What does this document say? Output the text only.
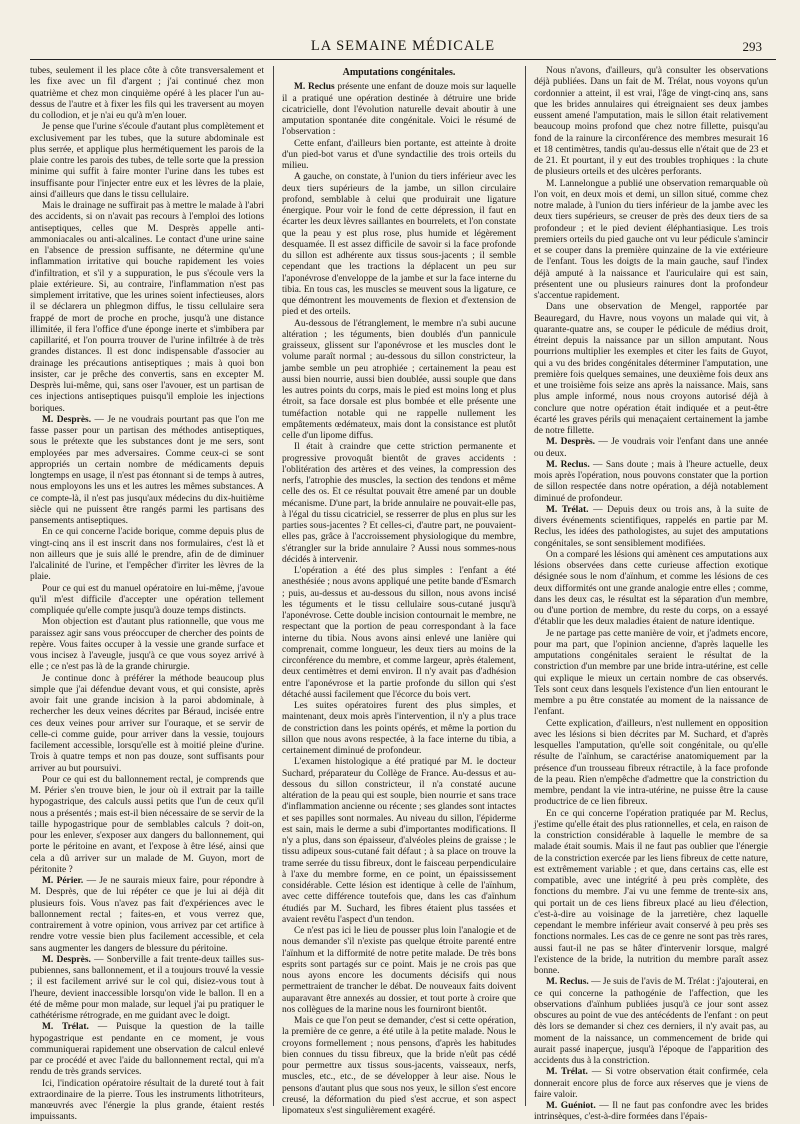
LA SEMAINE MÉDICALE	293

tubes, seulement il les place côte à côte transversalement et les fixe avec un fil d'argent ; j'ai continué chez mon quatrième et chez mon cinquième opéré à les placer l'un au-dessus de l'autre et à fixer les fils qui les traversent au moyen du collodion, et je n'ai eu qu'à m'en louer.

Je pense que l'urine s'écoule d'autant plus complètement et exclusivement par les tubes, que la suture abdominale est plus serrée, et applique plus hermétiquement les parois de la plaie contre les parois des tubes, de telle sorte que la pression minime qui suffit à faire monter l'urine dans les tubes est insuffisante pour l'injecter entre eux et les lèvres de la plaie, ainsi d'ailleurs que dans le tissu cellulaire.

Mais le drainage ne suffirait pas à mettre le malade à l'abri des accidents, si on n'avait pas recours à l'emploi des lotions antiseptiques, celles que M. Desprès appelle anti-ammoniacales ou anti-alcalines. Le contact d'une urine saine en l'absence de pression suffisante, ne détermine qu'une inflammation irritative qui bouche rapidement les voies d'infiltration, et s'il y a suppuration, le pus s'écoule vers la plaie extérieure. Si, au contraire, l'inflammation n'est pas simplement irritative, que les urines soient infectieuses, alors il se déclarera un phlegmon diffus, le tissu cellulaire sera frappé de mort de proche en proche, jusqu'à une distance illimitée, il fera l'office d'une éponge inerte et s'imbibera par capillarité, et l'on pourra trouver de l'urine infiltrée à de très grandes distances. Il est donc indispensable d'associer au drainage les précautions antiseptiques ; mais à quoi bon insister, car je prêche des convertis, sans en excepter M. Desprès lui-même, qui, sans oser l'avouer, est un partisan de ces injections antiseptiques puisqu'il emploie les injections boriques.

M. Desprès. — Je ne voudrais pourtant pas que l'on me fasse passer pour un partisan des méthodes antiseptiques, sous le prétexte que les substances dont je me sers, sont employées par mes adversaires. Comme ceux-ci se sont appropriés un certain nombre de médicaments depuis longtemps en usage, il n'est pas étonnant si de temps à autres, nous employons les uns et les autres les mêmes substances. A ce compte-là, il n'est pas jusqu'aux médecins du dix-huitième siècle qui ne puissent être rangés parmi les partisans des pansements antiseptiques.

En ce qui concerne l'acide borique, comme depuis plus de vingt-cinq ans il est inscrit dans nos formulaires, c'est là et non ailleurs que je suis allé le prendre, afin de de diminuer l'alcalinité de l'urine, et l'empêcher d'irriter les lèvres de la plaie.

Pour ce qui est du manuel opératoire en lui-même, j'avoue qu'il m'est difficile d'accepter une opération tellement compliquée qu'elle compte jusqu'à douze temps distincts.

Mon objection est d'autant plus rationnelle, que vous me paraissez agir sans vous préoccuper de chercher des points de repère. Vous faites occuper à la vessie une grande surface et vous incisez à l'aveugle, jusqu'à ce que vous soyez arrivé à elle ; ce n'est pas là de la grande chirurgie.

Je continue donc à préférer la méthode beaucoup plus simple que j'ai défendue devant vous, et qui consiste, après avoir fait une grande incision à la paroi abdominale, à rechercher les deux veines décrites par Béraud, incisée entre ces deux veines pour arriver sur l'ouraque, et se servir de celle-ci comme guide, pour arriver dans la vessie, toujours facilement accessible, lorsqu'elle est à moitié pleine d'urine. Trois à quatre temps et non pas douze, sont suffisants pour arriver au but poursuivi.

Pour ce qui est du ballonnement rectal, je comprends que M. Périer s'en trouve bien, le jour où il extrait par la taille hypogastrique, des calculs aussi petits que l'un de ceux qu'il nous a présentés ; mais est-il bien nécessaire de se servir de la taille hypogastrique pour de semblables calculs ? doit-on, pour les enlever, s'exposer aux dangers du ballonnement, qui porte le péritoine en avant, et l'expose à être lésé, ainsi que cela a dû arriver sur un malade de M. Guyon, mort de péritonite ?

M. Périer. — Je ne saurais mieux faire, pour répondre à M. Desprès, que de lui répéter ce que je lui ai déjà dit plusieurs fois. Vous n'avez pas fait d'expériences avec le ballonnement rectal ; faites-en, et vous verrez que, contrairement à votre opinion, vous arrivez par cet artifice à rendre votre vessie bien plus facilement accessible, et cela sans augmenter les dangers de blessure du péritoine.

M. Desprès. — Sonberville a fait trente-deux tailles sus-pubiennes, sans ballonnement, et il a toujours trouvé la vessie ; il est facilement arrivé sur le col qui, disiez-vous tout à l'heure, devient inaccessible lorsqu'on vide le ballon. Il en a été de même pour mon malade, sur lequel j'ai pu pratiquer le cathétérisme rétrograde, en me guidant avec le doigt.

M. Trélat. — Puisque la question de la taille hypogastrique est pendante en ce moment, je vous communiquerai rapidement une observation de calcul enlevé par ce procédé et avec l'aide du ballonnement rectal, qui m'a rendu de très grands services.

Ici, l'indication opératoire résultait de la dureté tout à fait extraordinaire de la pierre. Tous les instruments lithotriteurs, manœuvrés avec l'énergie la plus grande, étaient restés impuissants.

Amputations congénitales.

M. Reclus présente une enfant de douze mois sur laquelle il a pratiqué une opération destinée à détruire une bride cicatricielle, dont l'évolution naturelle devait aboutir à une amputation spontanée dite congénitale. Voici le résumé de l'observation :

Cette enfant, d'ailleurs bien portante, est atteinte à droite d'un pied-bot varus et d'une syndactilie des trois orteils du milieu.

A gauche, on constate, à l'union du tiers inférieur avec les deux tiers supérieurs de la jambe, un sillon circulaire profond, semblable à celui que produirait une ligature énergique. Pour voir le fond de cette dépression, il faut en écarter les deux lèvres saillantes en bourrelets, et l'on constate que la peau y est plus rose, plus humide et légèrement desquamée. Il est assez difficile de savoir si la face profonde du sillon est adhérente aux tissus sous-jacents ; il semble cependant que les tractions la déplacent un peu sur l'aponévrose d'enveloppe de la jambe et sur la face interne du tibia. En tous cas, les muscles se meuvent sous la ligature, ce que démontrent les mouvements de flexion et d'extension de pied et des orteils.

Au-dessous de l'étranglement, le membre n'a subi aucune altération ; les téguments, bien doublés d'un pannicule graisseux, glissent sur l'aponévrose et les muscles dont le volume paraît normal ; au-dessous du sillon constricteur, la jambe semble un peu atrophiée ; certainement la peau est aussi bien nourrie, aussi bien doublée, aussi souple que dans les autres points du corps, mais le pied est moins long et plus étroit, sa face dorsale est plus bombée et elle présente une tuméfaction notable qui ne rappelle nullement les empâtements œdémateux, mais dont la consistance est plutôt celle d'un lipome diffus.

Il était à craindre que cette striction permanente et progressive provoquât bientôt de graves accidents : l'oblitération des artères et des veines, la compression des nerfs, l'atrophie des muscles, la section des tendons et même celle des os. Et ce résultat pouvait être amené par un double mécanisme. D'une part, la bride annulaire ne pouvait-elle pas, à l'égal du tissu cicatriciel, se resserrer de plus en plus sur les parties sous-jacentes ? Et celles-ci, d'autre part, ne pouvaient-elles pas, grâce à l'accroissement physiologique du membre, s'étrangler sur la bride annulaire ? Aussi nous sommes-nous décidés à intervenir.

L'opération a été des plus simples : l'enfant a été anesthésiée ; nous avons appliqué une petite bande d'Esmarch ; puis, au-dessus et au-dessous du sillon, nous avons incisé les téguments et le tissu cellulaire sous-cutané jusqu'à l'aponévrose. Cette double incision contournait le membre, ne respectant que la portion de peau correspondant à la face interne du tibia. Nous avons ainsi enlevé une lanière qui comprenait, comme longueur, les deux tiers au moins de la circonférence du membre, et comme largeur, après étalement, deux centimètres et demi environ. Il n'y avait pas d'adhésion entre l'aponévrose et la partie profonde du sillon qui s'est détaché aussi facilement que l'écorce du bois vert.

Les suites opératoires furent des plus simples, et maintenant, deux mois après l'intervention, il n'y a plus trace de constriction dans les points opérés, et même la portion du sillon que nous avons respectée, à la face interne du tibia, a certainement diminué de profondeur.

L'examen histologique a été pratiqué par M. le docteur Suchard, préparateur du Collège de France. Au-dessus et au-dessous du sillon constricteur, il n'a constaté aucune altération de la peau qui est souple, bien nourrie et sans trace d'inflammation ancienne ou récente ; ses glandes sont intactes et ses papilles sont normales. Au niveau du sillon, l'épiderme est sain, mais le derme a subi d'importantes modifications. Il n'y a plus, dans son épaisseur, d'alvéoles pleins de graisse ; le tissu adipeux sous-cutané fait défaut ; à sa place on trouve la trame serrée du tissu fibreux, dont le faisceau perpendiculaire à l'axe du membre forme, en ce point, un épaississement considérable. Cette lésion est identique à celle de l'aïnhum, avec cette différence toutefois que, dans les cas d'aïnhum étudiés par M. Suchard, les fibres étaient plus tassées et avaient revêtu l'aspect d'un tendon.

Ce n'est pas ici le lieu de pousser plus loin l'analogie et de nous demander s'il n'existe pas quelque étroite parenté entre l'aïnhum et la difformité de notre petite malade. De très bons esprits sont partagés sur ce point. Mais je ne crois pas que nous ayons encore les documents décisifs qui nous permettraient de trancher le débat. De nouveaux faits doivent auparavant être annexés au dossier, et tout porte à croire que nos collègues de la marine nous les fourniront bientôt.

Mais ce que l'on peut se demander, c'est si cette opération, la première de ce genre, a été utile à la petite malade. Nous le croyons formellement ; nous pensons, d'après les habitudes bien connues du tissu fibreux, que la bride n'eût pas cédé pour permettre aux tissus sous-jacents, vaisseaux, nerfs, muscles, etc., etc., de se développer à leur aise. Nous le pensons d'autant plus que sous nos yeux, le sillon s'est encore creusé, la déformation du pied s'est accrue, et son aspect lipomateux s'est singulièrement exagéré.

Nous n'avons, d'ailleurs, qu'à consulter les observations déjà publiées. Dans un fait de M. Trélat, nous voyons qu'un cordonnier a atteint, il est vrai, l'âge de vingt-cinq ans, sans que les brides annulaires qui étreignaient ses deux jambes eussent amené l'amputation, mais le sillon était relativement beaucoup moins profond que chez notre fillette, puisqu'au fond de la rainure la circonférence des membres mesurait 16 et 18 centimètres, tandis qu'au-dessus elle n'était que de 23 et de 21. Et pourtant, il y eut des troubles trophiques : la chute de plusieurs orteils et des ulcères perforants.

M. Lannelongue a publié une observation remarquable où l'on voit, en deux mois et demi, un sillon situé, comme chez notre malade, à l'union du tiers inférieur de la jambe avec les deux tiers supérieurs, se creuser de près des deux tiers de sa profondeur ; et le pied devient éléphantiasique. Les trois premiers orteils du pied gauche ont vu leur pédicule s'amincir et se couper dans la première quinzaine de la vie extérieure de l'enfant. Tous les doigts de la main gauche, sauf l'index déjà amputé à la naissance et l'auriculaire qui est sain, présentent une ou plusieurs rainures dont la profondeur s'accentue rapidement.

Dans une observation de Mengel, rapportée par Beauregard, du Havre, nous voyons un malade qui vit, à quarante-quatre ans, se couper le pédicule de médius droit, étreint depuis la naissance par un sillon amputant. Nous pourrions multiplier les exemples et citer les faits de Guyot, qui a vu des brides congénitales déterminer l'amputation, une première fois quelques semaines, une deuxième fois deux ans et une troisième fois seize ans après la naissance. Mais, sans plus ample informé, nous nous croyons autorisé déjà à conclure que notre opération était indiquée et a peut-être écarté les graves périls qui menaçaient certainement la jambe de notre fillette.

M. Desprès. — Je voudrais voir l'enfant dans une année ou deux.

M. Reclus. — Sans doute ; mais à l'heure actuelle, deux mois après l'opération, nous pouvons constater que la portion de sillon respectée dans notre opération, a déjà notablement diminué de profondeur.

M. Trélat. — Depuis deux ou trois ans, à la suite de divers événements scientifiques, rappelés en partie par M. Reclus, les idées des pathologistes, au sujet des amputations congénitales, se sont sensiblement modifiées.

On a comparé les lésions qui amènent ces amputations aux lésions observées dans cette curieuse affection exotique désignée sous le nom d'aïnhum, et comme les lésions de ces deux difformités ont une grande analogie entre elles ; comme, dans les deux cas, le résultat est la séparation d'un membre, ou d'une portion de membre, du reste du corps, on a essayé d'établir que les deux maladies étaient de nature identique.

Je ne partage pas cette manière de voir, et j'admets encore, pour ma part, que l'opinion ancienne, d'après laquelle les amputations congénitales seraient le résultat de la constriction d'un membre par une bride intra-utérine, est celle qui explique le mieux un certain nombre de cas observés. Tels sont ceux dans lesquels l'existence d'un lien entourant le membre a pu être constatée au moment de la naissance de l'enfant.

Cette explication, d'ailleurs, n'est nullement en opposition avec les lésions si bien décrites par M. Suchard, et d'après lesquelles l'amputation, qu'elle soit congénitale, ou qu'elle résulte de l'aïnhum, se caractérise anatomiquement par la présence d'un trousseau fibreux rétractile, à la face profonde de la peau. Rien n'empêche d'admettre que la constriction du membre, pendant la vie intra-utérine, ne puisse être la cause productrice de ce lien fibreux.

En ce qui concerne l'opération pratiquée par M. Reclus, j'estime qu'elle était des plus rationnelles, et cela, en raison de la constriction considérable à laquelle le membre de sa malade était soumis. Mais il ne faut pas oublier que l'énergie de la constriction exercée par les liens fibreux de cette nature, est extrêmement variable ; et que, dans certains cas, elle est compatible, avec une intégrité à peu près complète, des fonctions du membre. J'ai vu une femme de trente-six ans, qui portait un de ces liens fibreux placé au lieu d'élection, c'est-à-dire au voisinage de la jarretière, chez laquelle cependant le membre inférieur avait conservé à peu près ses fonctions normales. Les cas de ce genre ne sont pas très rares, aussi faut-il ne pas se hâter d'intervenir lorsque, malgré l'existence de la bride, la nutrition du membre paraît assez bonne.

M. Reclus. — Je suis de l'avis de M. Trélat : j'ajouterai, en ce qui concerne la pathogénie de l'affection, que les observations d'aïnhum publiées jusqu'à ce jour sont assez obscures au point de vue des antécédents de l'enfant : on peut dès lors se demander si chez ces derniers, il n'y avait pas, au moment de la naissance, un commencement de bride qui aurait passé inaperçue, jusqu'à l'époque de l'apparition des accidents dus à la constriction.

M. Trélat. — Si votre observation était confirmée, cela donnerait encore plus de force aux réserves que je viens de faire valoir.

M. Guéniot. — Il ne faut pas confondre avec les brides intrinsèques, c'est-à-dire formées dans l'épais-
